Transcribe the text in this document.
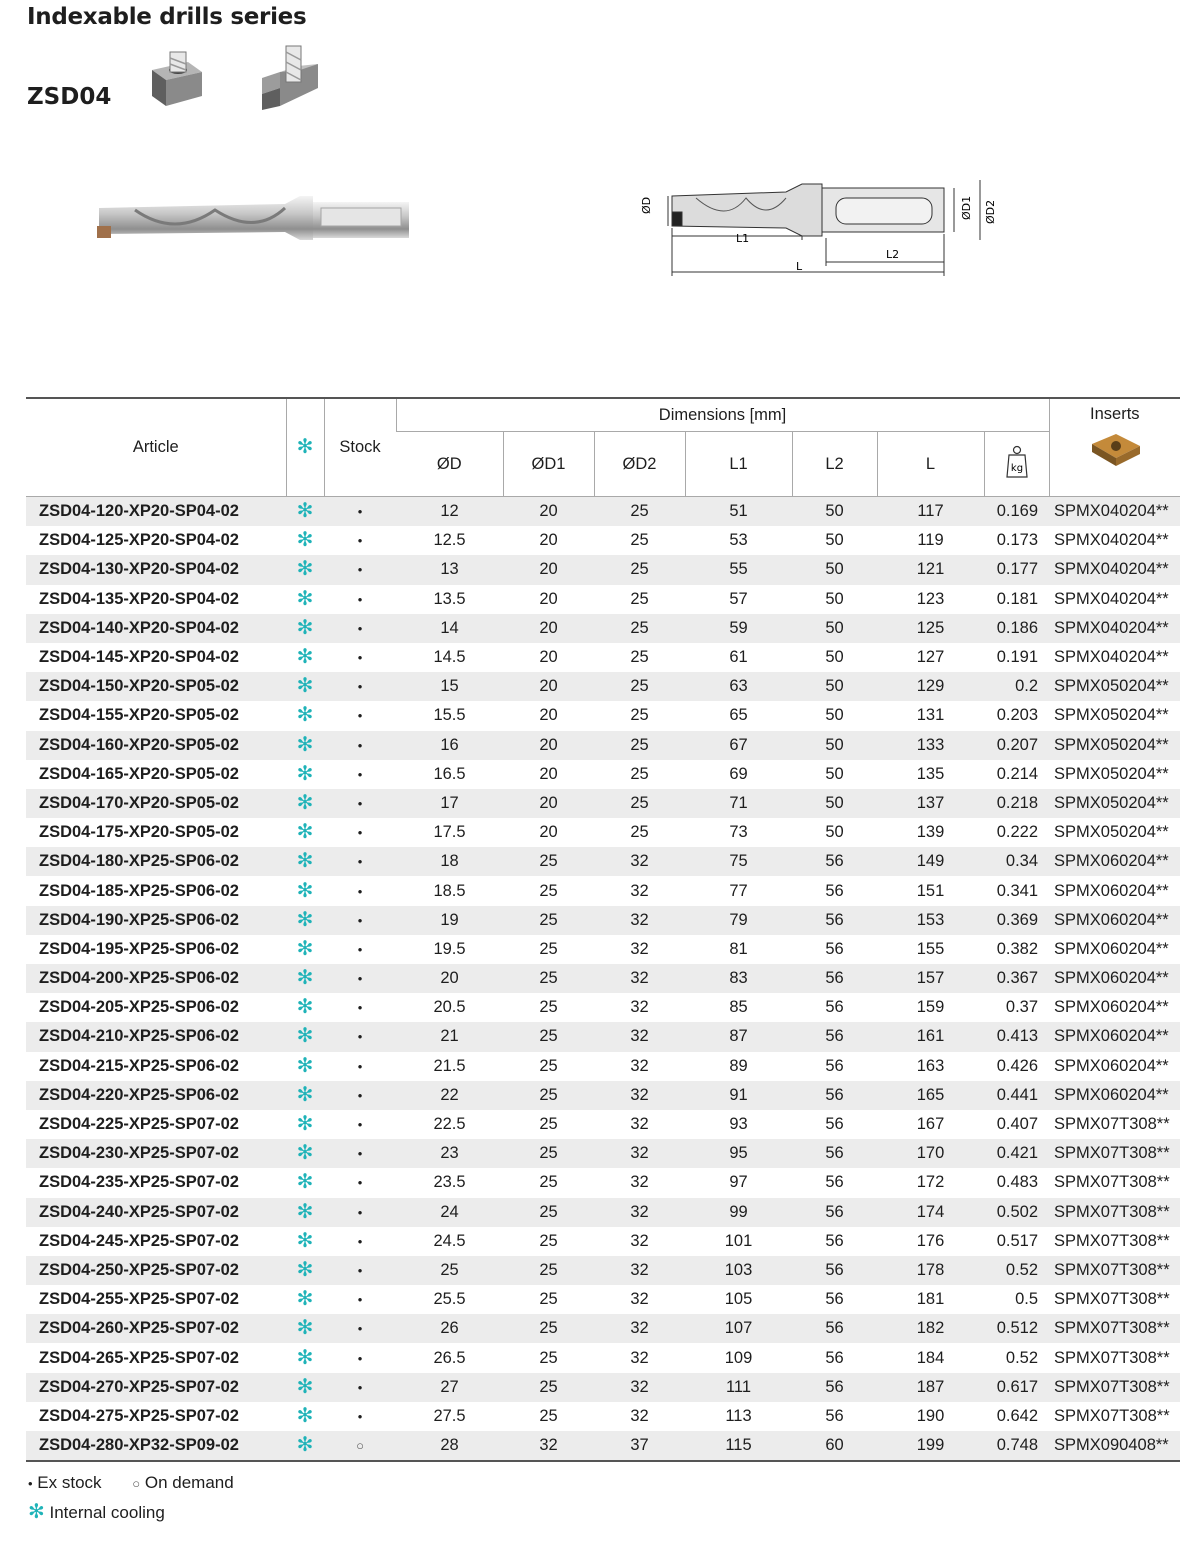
Indexable drills series
ZSD04
ØD
L1
L2
L
ØD1 ØD2
Article	✻	Stock	Dimensions [mm]							Inserts

			ØD	ØD1	ØD2	L1	L2	L	kg	

ZSD04-120-XP20-SP04-02	✻	•	12	20	25	51	50	117	0.169	SPMX040204**
ZSD04-125-XP20-SP04-02	✻	•	12.5	20	25	53	50	119	0.173	SPMX040204**
ZSD04-130-XP20-SP04-02	✻	•	13	20	25	55	50	121	0.177	SPMX040204**
ZSD04-135-XP20-SP04-02	✻	•	13.5	20	25	57	50	123	0.181	SPMX040204**
ZSD04-140-XP20-SP04-02	✻	•	14	20	25	59	50	125	0.186	SPMX040204**
ZSD04-145-XP20-SP04-02	✻	•	14.5	20	25	61	50	127	0.191	SPMX040204**
ZSD04-150-XP20-SP05-02	✻	•	15	20	25	63	50	129	0.2	SPMX050204**
ZSD04-155-XP20-SP05-02	✻	•	15.5	20	25	65	50	131	0.203	SPMX050204**
ZSD04-160-XP20-SP05-02	✻	•	16	20	25	67	50	133	0.207	SPMX050204**
ZSD04-165-XP20-SP05-02	✻	•	16.5	20	25	69	50	135	0.214	SPMX050204**
ZSD04-170-XP20-SP05-02	✻	•	17	20	25	71	50	137	0.218	SPMX050204**
ZSD04-175-XP20-SP05-02	✻	•	17.5	20	25	73	50	139	0.222	SPMX050204**
ZSD04-180-XP25-SP06-02	✻	•	18	25	32	75	56	149	0.34	SPMX060204**
ZSD04-185-XP25-SP06-02	✻	•	18.5	25	32	77	56	151	0.341	SPMX060204**
ZSD04-190-XP25-SP06-02	✻	•	19	25	32	79	56	153	0.369	SPMX060204**
ZSD04-195-XP25-SP06-02	✻	•	19.5	25	32	81	56	155	0.382	SPMX060204**
ZSD04-200-XP25-SP06-02	✻	•	20	25	32	83	56	157	0.367	SPMX060204**
ZSD04-205-XP25-SP06-02	✻	•	20.5	25	32	85	56	159	0.37	SPMX060204**
ZSD04-210-XP25-SP06-02	✻	•	21	25	32	87	56	161	0.413	SPMX060204**
ZSD04-215-XP25-SP06-02	✻	•	21.5	25	32	89	56	163	0.426	SPMX060204**
ZSD04-220-XP25-SP06-02	✻	•	22	25	32	91	56	165	0.441	SPMX060204**
ZSD04-225-XP25-SP07-02	✻	•	22.5	25	32	93	56	167	0.407	SPMX07T308**
ZSD04-230-XP25-SP07-02	✻	•	23	25	32	95	56	170	0.421	SPMX07T308**
ZSD04-235-XP25-SP07-02	✻	•	23.5	25	32	97	56	172	0.483	SPMX07T308**
ZSD04-240-XP25-SP07-02	✻	•	24	25	32	99	56	174	0.502	SPMX07T308**
ZSD04-245-XP25-SP07-02	✻	•	24.5	25	32	101	56	176	0.517	SPMX07T308**
ZSD04-250-XP25-SP07-02	✻	•	25	25	32	103	56	178	0.52	SPMX07T308**
ZSD04-255-XP25-SP07-02	✻	•	25.5	25	32	105	56	181	0.5	SPMX07T308**
ZSD04-260-XP25-SP07-02	✻	•	26	25	32	107	56	182	0.512	SPMX07T308**
ZSD04-265-XP25-SP07-02	✻	•	26.5	25	32	109	56	184	0.52	SPMX07T308**
ZSD04-270-XP25-SP07-02	✻	•	27	25	32	111	56	187	0.617	SPMX07T308**
ZSD04-275-XP25-SP07-02	✻	•	27.5	25	32	113	56	190	0.642	SPMX07T308**
ZSD04-280-XP32-SP09-02	✻	○	28	32	37	115	60	199	0.748	SPMX090408**
• Ex stock ○ On demand
✻ Internal cooling
